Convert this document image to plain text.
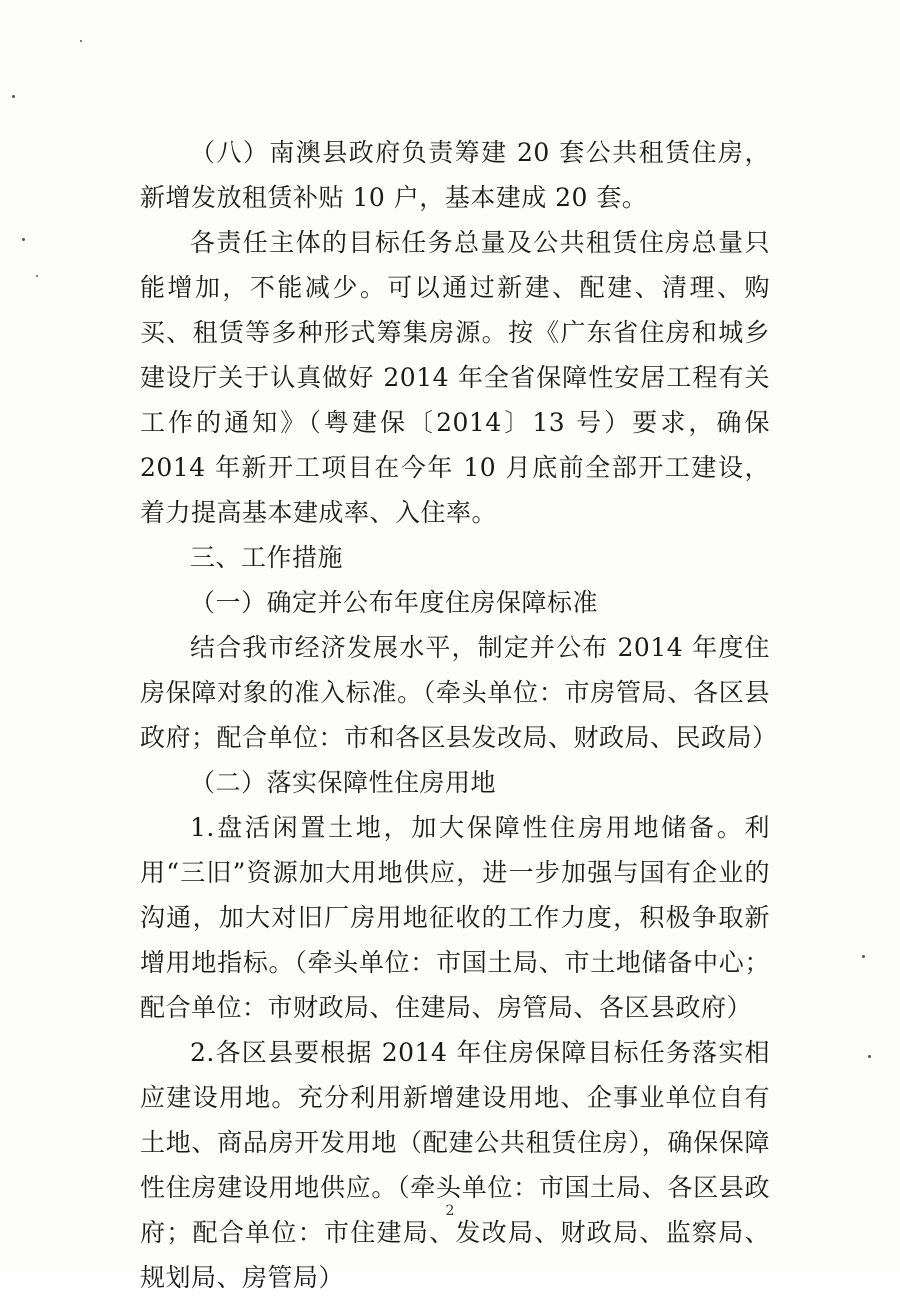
（八）南澳县政府负责筹建 20 套公共租赁住房，新增发放租赁补贴 10 户，基本建成 20 套。

各责任主体的目标任务总量及公共租赁住房总量只能增加，不能减少。可以通过新建、配建、清理、购买、租赁等多种形式筹集房源。按《广东省住房和城乡建设厅关于认真做好 2014 年全省保障性安居工程有关工作的通知》（粤建保〔2014〕13 号）要求，确保 2014 年新开工项目在今年 10 月底前全部开工建设，着力提高基本建成率、入住率。

三、工作措施

（一）确定并公布年度住房保障标准

结合我市经济发展水平，制定并公布 2014 年度住房保障对象的准入标准。（牵头单位：市房管局、各区县政府；配合单位：市和各区县发改局、财政局、民政局）

（二）落实保障性住房用地

1.盘活闲置土地，加大保障性住房用地储备。利用“三旧”资源加大用地供应，进一步加强与国有企业的沟通，加大对旧厂房用地征收的工作力度，积极争取新增用地指标。（牵头单位：市国土局、市土地储备中心；配合单位：市财政局、住建局、房管局、各区县政府）

2.各区县要根据 2014 年住房保障目标任务落实相应建设用地。充分利用新增建设用地、企事业单位自有土地、商品房开发用地（配建公共租赁住房），确保保障性住房建设用地供应。（牵头单位：市国土局、各区县政府；配合单位：市住建局、发改局、财政局、监察局、规划局、房管局）

2
